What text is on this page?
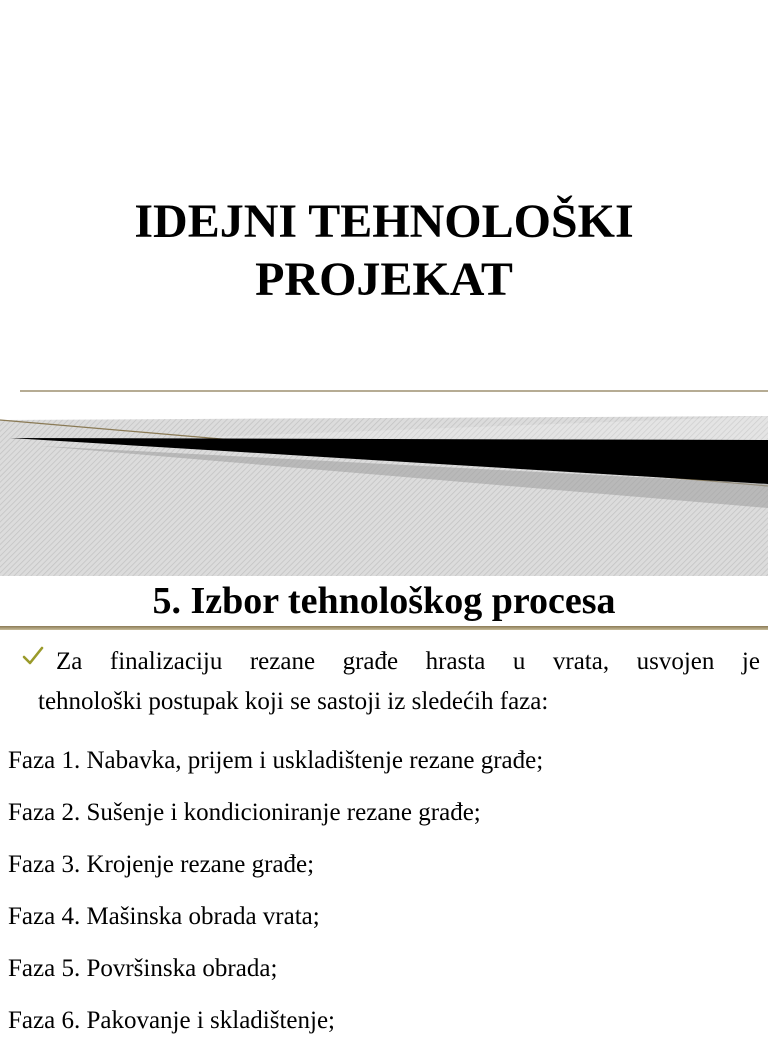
IDEJNI TEHNOLOŠKI
PROJEKAT
5. Izbor tehnološkog procesa
Za finalizaciju rezane građe hrasta u vrata, usvojen je
tehnološki postupak koji se sastoji iz sledećih faza:
Faza 1. Nabavka, prijem i uskladištenje rezane građe;
Faza 2. Sušenje i kondicioniranje rezane građe;
Faza 3. Krojenje rezane građe;
Faza 4. Mašinska obrada vrata;
Faza 5. Površinska obrada;
Faza 6. Pakovanje i skladištenje;
